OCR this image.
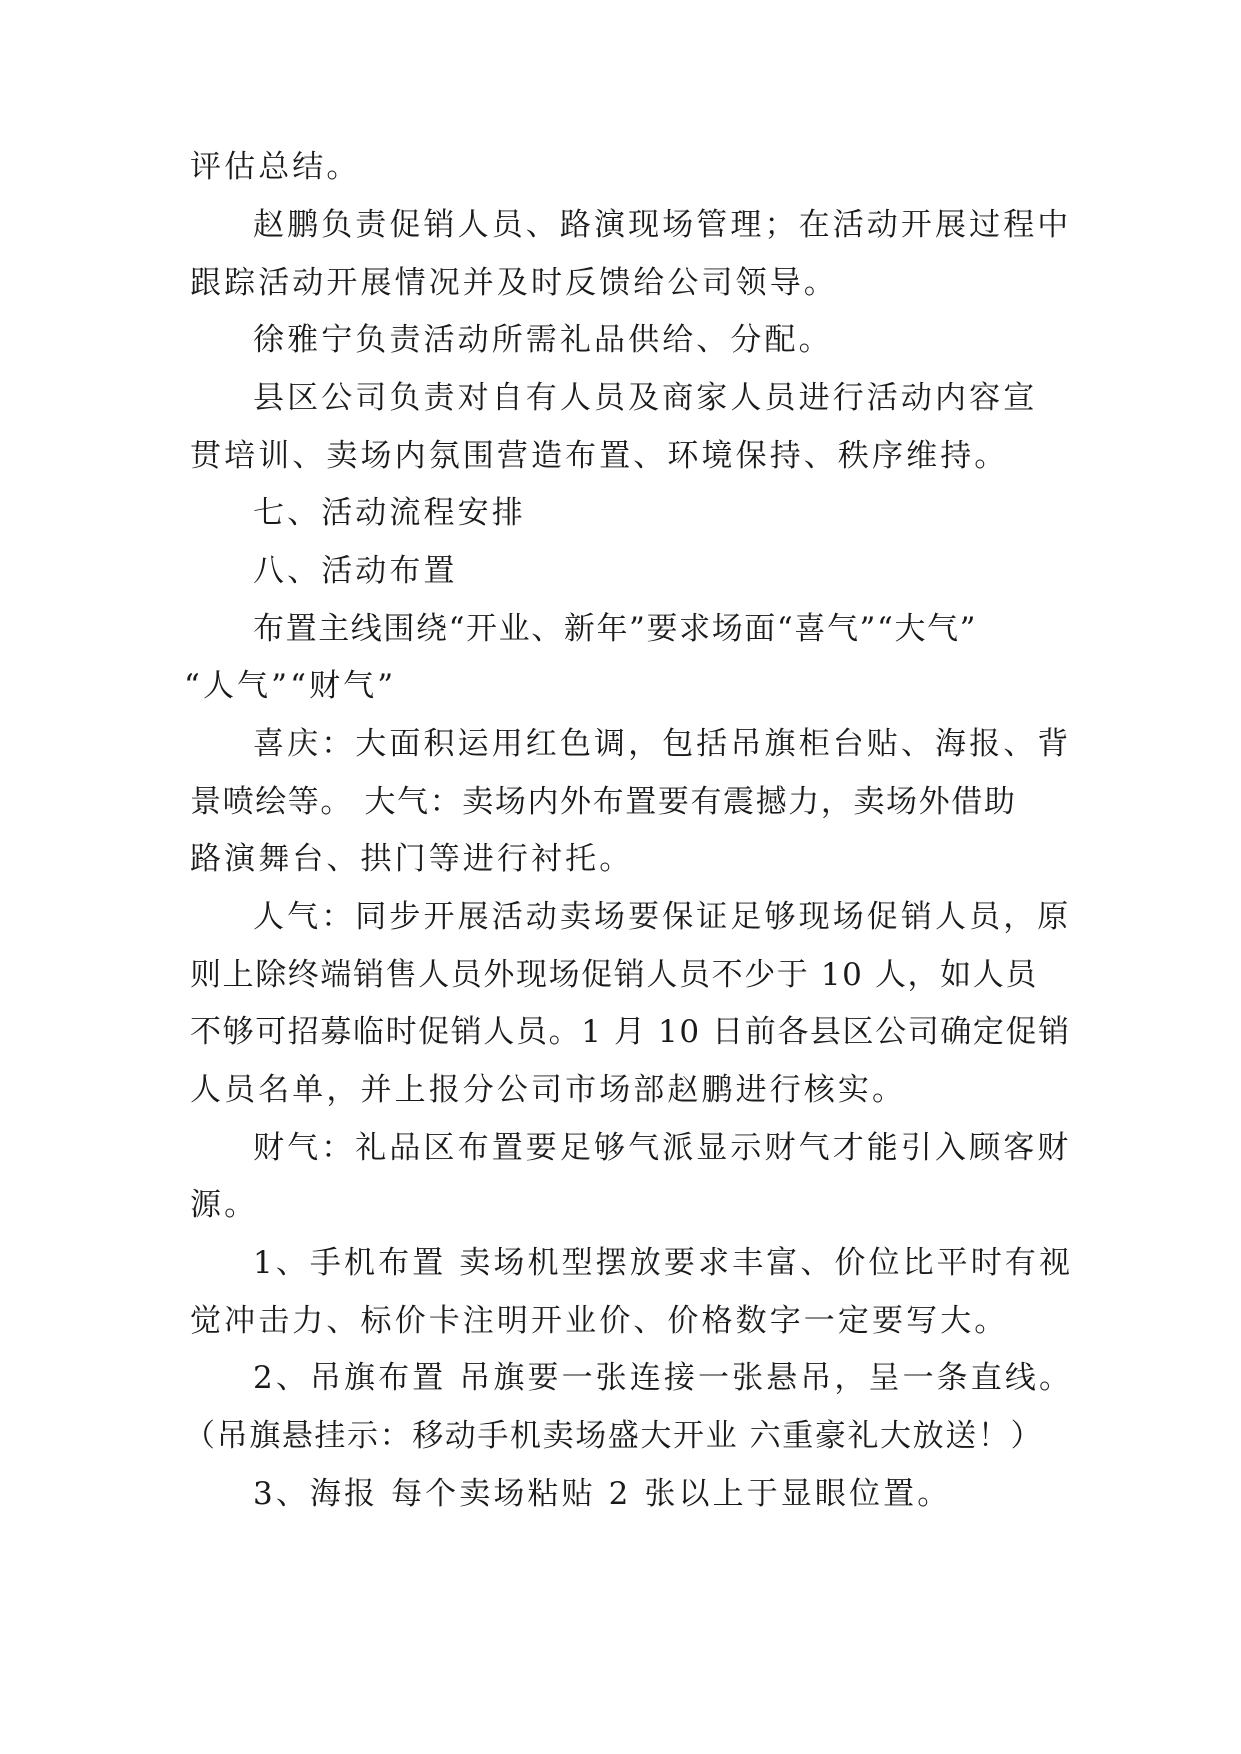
评估总结。
赵鹏负责促销人员、路演现场管理；在活动开展过程中
跟踪活动开展情况并及时反馈给公司领导。
徐雅宁负责活动所需礼品供给、分配。
县区公司负责对自有人员及商家人员进行活动内容宣
贯培训、卖场内氛围营造布置、环境保持、秩序维持。
七、活动流程安排
八、活动布置
布置主线围绕“开业、新年”要求场面“喜气”“大气”
“人气”“财气”
喜庆：大面积运用红色调，包括吊旗柜台贴、海报、背
景喷绘等。 大气：卖场内外布置要有震撼力，卖场外借助
路演舞台、拱门等进行衬托。
人气：同步开展活动卖场要保证足够现场促销人员，原
则上除终端销售人员外现场促销人员不少于 10 人，如人员
不够可招募临时促销人员。1 月 10 日前各县区公司确定促销
人员名单，并上报分公司市场部赵鹏进行核实。
财气：礼品区布置要足够气派显示财气才能引入顾客财
源。
1、手机布置 卖场机型摆放要求丰富、价位比平时有视
觉冲击力、标价卡注明开业价、价格数字一定要写大。
2、吊旗布置 吊旗要一张连接一张悬吊，呈一条直线。
（吊旗悬挂示：移动手机卖场盛大开业 六重豪礼大放送！）
3、海报 每个卖场粘贴 2 张以上于显眼位置。
